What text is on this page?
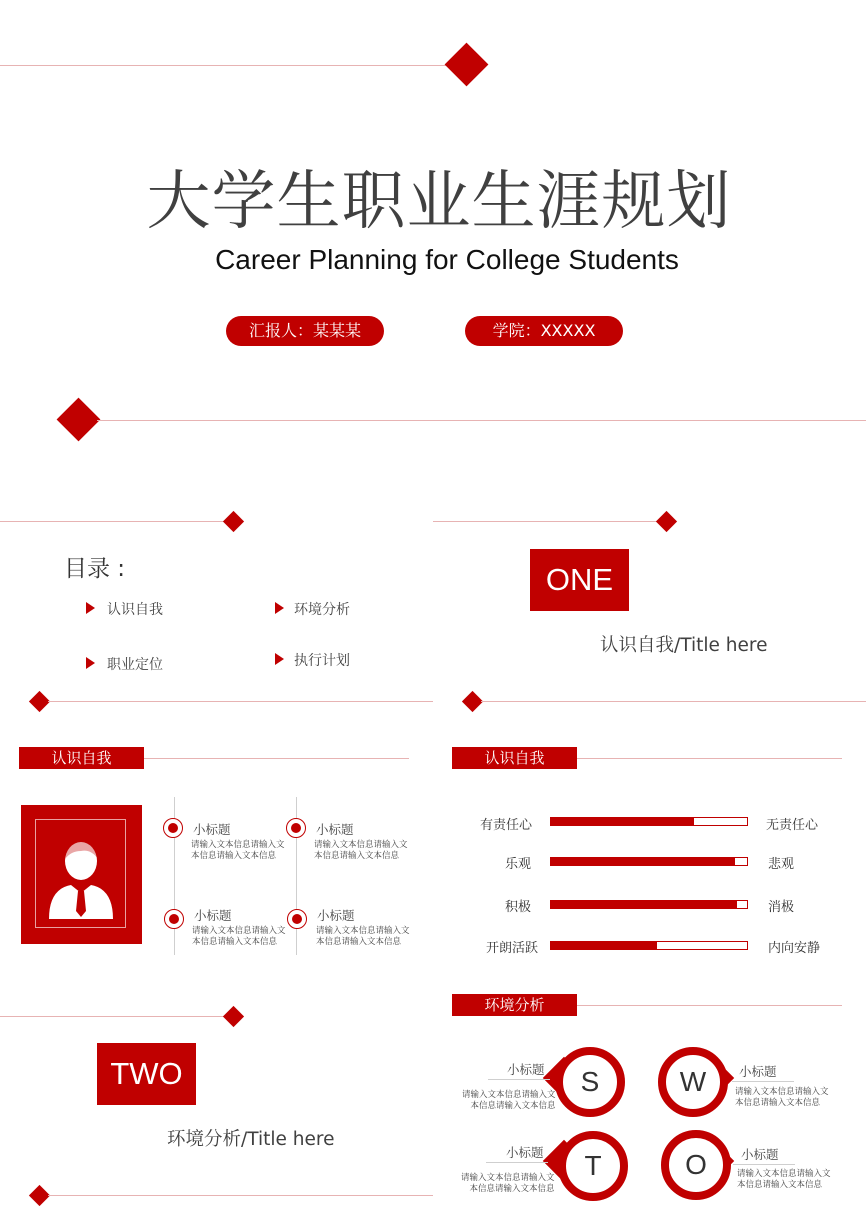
大学生职业生涯规划
Career Planning for College Students
汇报人：某某某	学院：XXXXX
目录 :
认识自我	环境分析
职业定位	执行计划
ONE
认识自我/Title here
认识自我
小标题
请输入文本信息请输入文
本信息请输入文本信息
小标题
请输入文本信息请输入文
本信息请输入文本信息
小标题
请输入文本信息请输入文
本信息请输入文本信息
小标题
请输入文本信息请输入文
本信息请输入文本信息
认识自我
有责任心	无责任心
乐观	悲观
积极	消极
开朗活跃	内向安静
TWO
环境分析/Title here
环境分析
S
小标题
请输入文本信息请输入文
本信息请输入文本信息
W	小标题
请输入文本信息请输入文
本信息请输入文本信息
T
小标题
请输入文本信息请输入文
本信息请输入文本信息
O	小标题
请输入文本信息请输入文
本信息请输入文本信息
